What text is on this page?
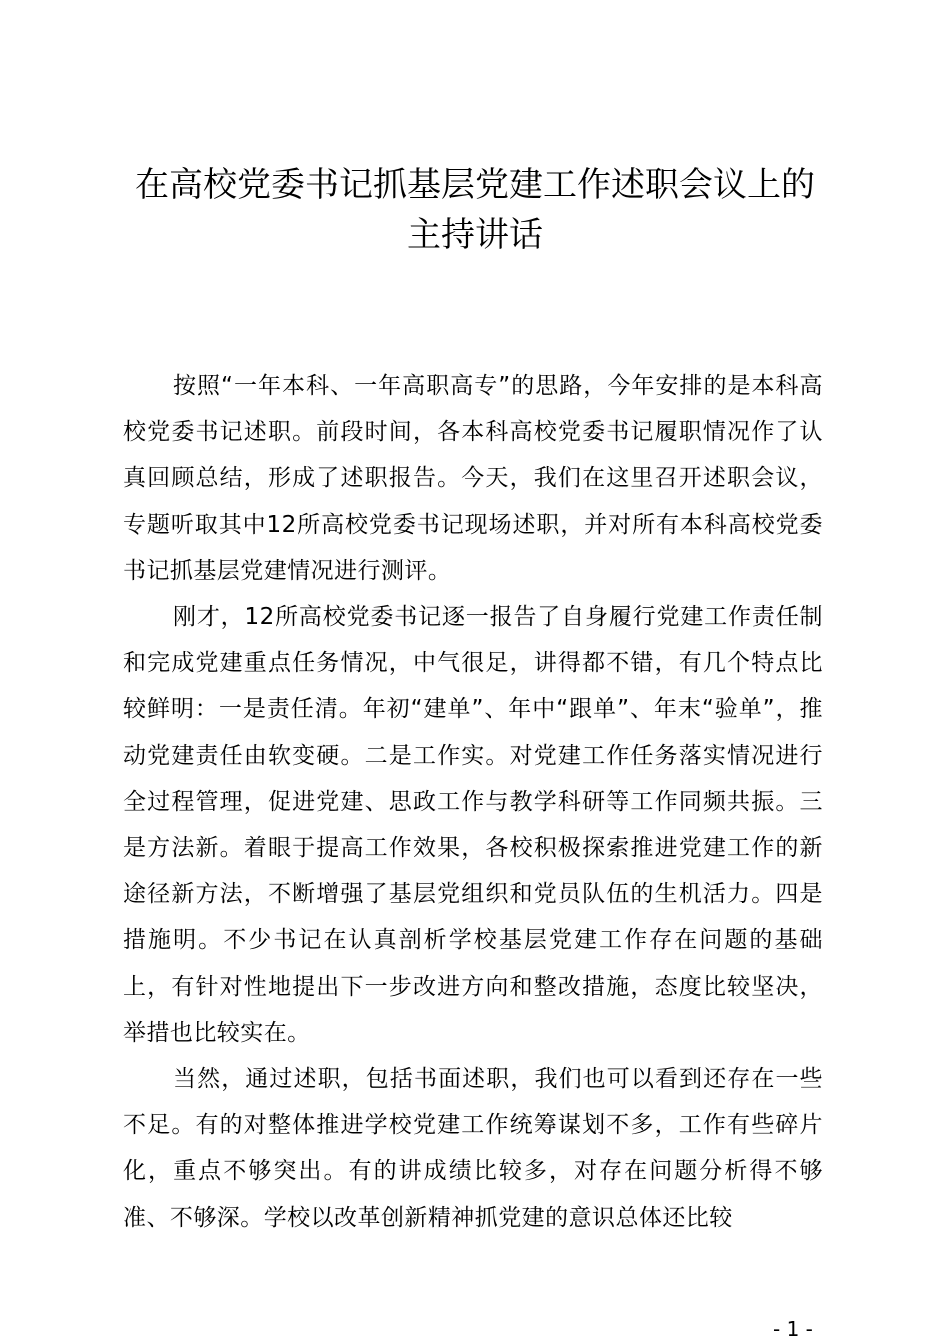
在高校党委书记抓基层党建工作述职会议上的
主持讲话

按照“一年本科、一年高职高专”的思路，今年安排的是本科高校党委书记述职。前段时间，各本科高校党委书记履职情况作了认真回顾总结，形成了述职报告。今天，我们在这里召开述职会议，专题听取其中12所高校党委书记现场述职，并对所有本科高校党委书记抓基层党建情况进行测评。

刚才，12所高校党委书记逐一报告了自身履行党建工作责任制和完成党建重点任务情况，中气很足，讲得都不错，有几个特点比较鲜明：一是责任清。年初“建单”、年中“跟单”、年末“验单”，推动党建责任由软变硬。二是工作实。对党建工作任务落实情况进行全过程管理，促进党建、思政工作与教学科研等工作同频共振。三是方法新。着眼于提高工作效果，各校积极探索推进党建工作的新途径新方法，不断增强了基层党组织和党员队伍的生机活力。四是措施明。不少书记在认真剖析学校基层党建工作存在问题的基础上，有针对性地提出下一步改进方向和整改措施，态度比较坚决，举措也比较实在。

当然，通过述职，包括书面述职，我们也可以看到还存在一些不足。有的对整体推进学校党建工作统筹谋划不多，工作有些碎片化，重点不够突出。有的讲成绩比较多，对存在问题分析得不够准、不够深。学校以改革创新精神抓党建的意识总体还比较

- 1 -
